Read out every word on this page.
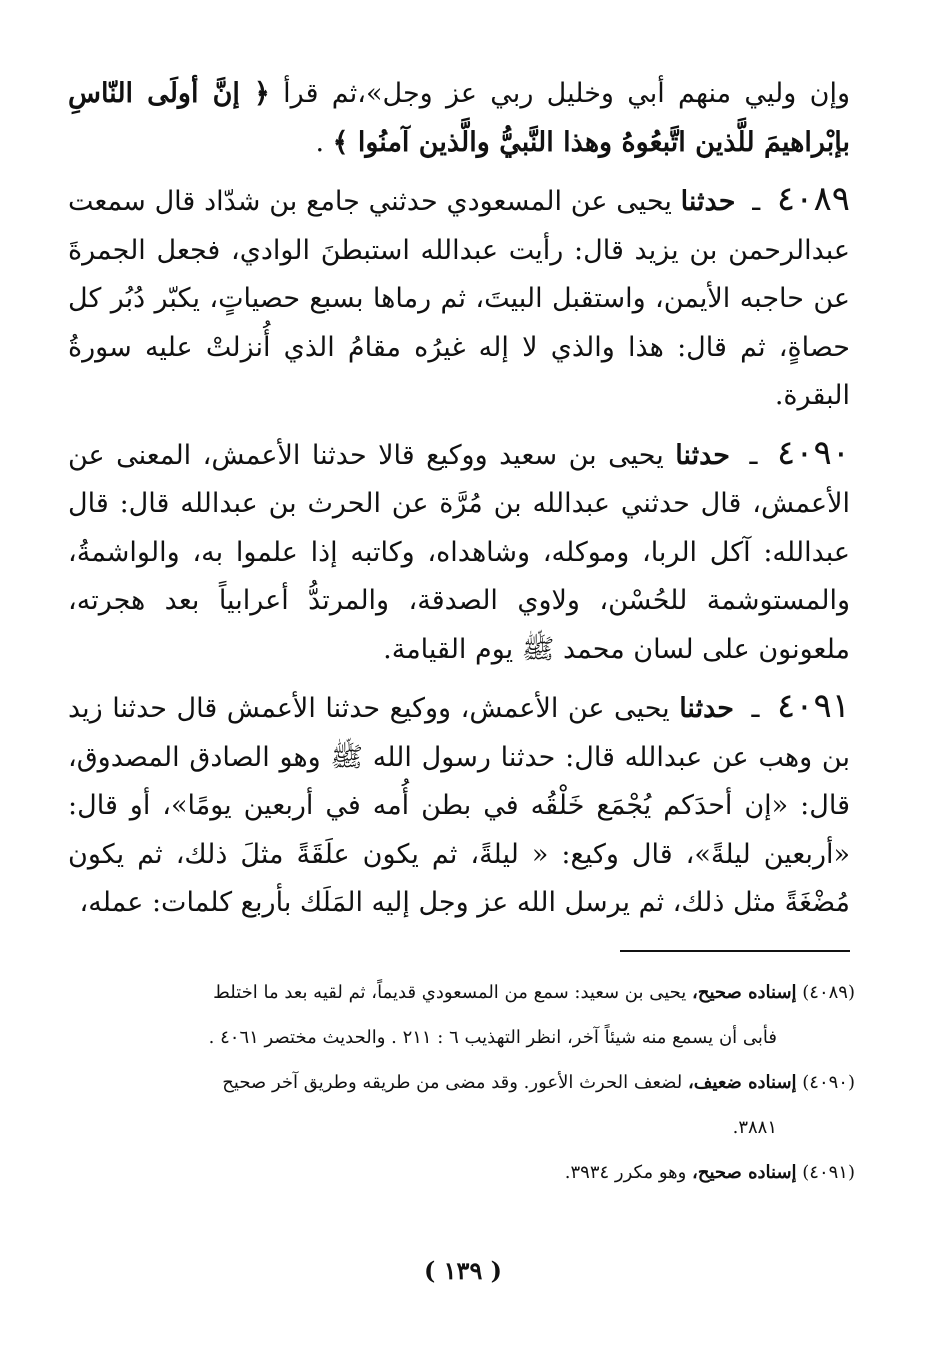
وإن وليي منهم أبي وخليل ربي عز وجل»،ثم قرأ ﴿ إنَّ أولَى النّاسِ بإبْراهيمَ للَّذين اتَّبعُوهُ وهذا النَّبيُّ والَّذين آمنُوا ﴾ .

٤٠٨٩ ـ حدثنا يحيى عن المسعودي حدثني جامع بن شدّاد قال سمعت عبدالرحمن بن يزيد قال: رأيت عبدالله استبطنَ الوادي، فجعل الجمرةَ عن حاجبه الأيمن، واستقبل البيتَ، ثم رماها بسبع حصياتٍ، يكبّر دُبُر كل حصاةٍ، ثم قال: هذا والذي لا إله غيرُه مقامُ الذي أُنزلتْ عليه سورةُ البقرة.

٤٠٩٠ ـ حدثنا يحيى بن سعيد ووكيع قالا حدثنا الأعمش، المعنى عن الأعمش، قال حدثني عبدالله بن مُرَّة عن الحرث بن عبدالله قال: قال عبدالله: آكل الربا، وموكله، وشاهداه، وكاتبه إذا علموا به، والواشمةُ، والمستوشمة للحُسْن، ولاوي الصدقة، والمرتدُّ أعرابياً بعد هجرته، ملعونون على لسان محمد ﷺ يوم القيامة.

٤٠٩١ ـ حدثنا يحيى عن الأعمش، ووكيع حدثنا الأعمش قال حدثنا زيد بن وهب عن عبدالله قال: حدثنا رسول الله ﷺ وهو الصادق المصدوق، قال: «إن أحدَكم يُجْمَع خَلْقُه في بطن أُمه في أربعين يومًا»، أو قال: «أربعين ليلةً»، قال وكيع: « ليلةً، ثم يكون علَقَةً مثلَ ذلك، ثم يكون مُضْغَةً مثل ذلك، ثم يرسل الله عز وجل إليه المَلَك بأربع كلمات: عمله،

(٤٠٨٩) إسناده صحيح، يحيى بن سعيد: سمع من المسعودي قديماً، ثم لقيه بعد ما اختلط

فأبى أن يسمع منه شيئاً آخر، انظر التهذيب ٦ : ٢١١ . والحديث مختصر ٤٠٦١ .

(٤٠٩٠) إسناده ضعيف، لضعف الحرث الأعور. وقد مضى من طريقه وطريق آخر صحيح

٣٨٨١.

(٤٠٩١) إسناده صحيح، وهو مكرر ٣٩٣٤.

( ١٣٩ )
